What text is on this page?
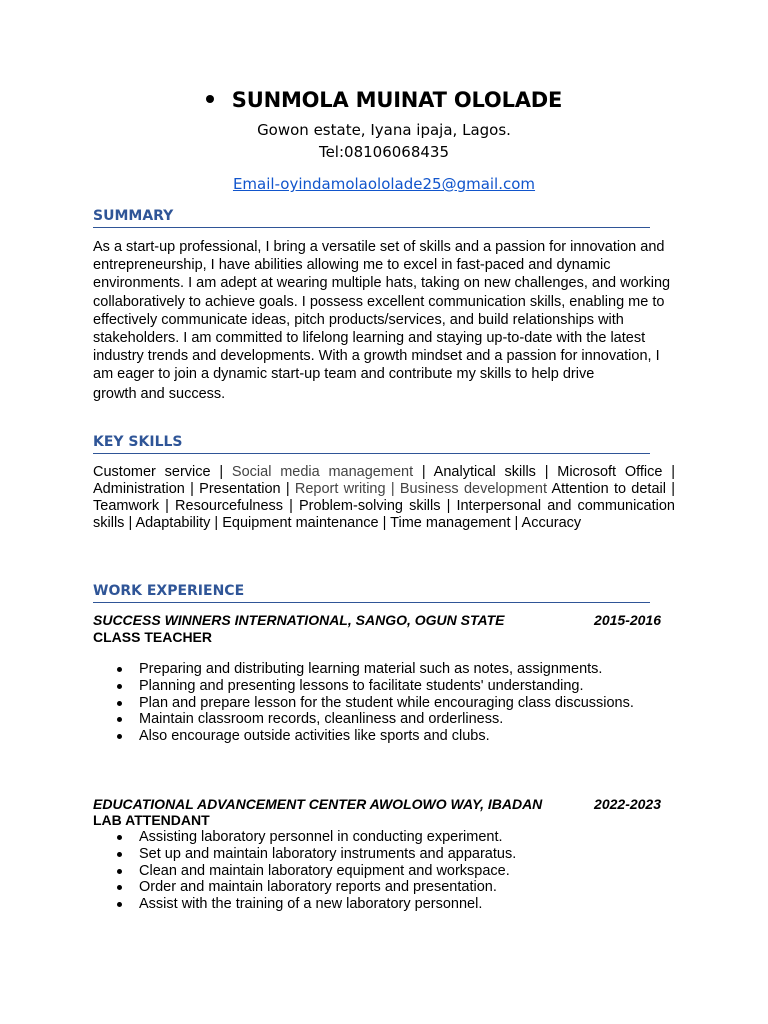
SUNMOLA MUINAT OLOLADE
Gowon estate, Iyana ipaja, Lagos.
Tel:08106068435
Email-oyindamolaololade25@gmail.com
SUMMARY
As a start-up professional, I bring a versatile set of skills and a passion for innovation and entrepreneurship, I have abilities allowing me to excel in fast-paced and dynamic environments. I am adept at wearing multiple hats, taking on new challenges, and working collaboratively to achieve goals. I possess excellent communication skills, enabling me to effectively communicate ideas, pitch products/services, and build relationships with stakeholders. I am committed to lifelong learning and staying up-to-date with the latest industry trends and developments. With a growth mindset and a passion for innovation, I am eager to join a dynamic start-up team and contribute my skills to help drive
growth and success.
KEY SKILLS
Customer service | Social media management | Analytical skills | Microsoft Office | Administration | Presentation | Report writing | Business development Attention to detail | Teamwork | Resourcefulness | Problem-solving skills | Interpersonal and communication skills | Adaptability | Equipment maintenance | Time management | Accuracy
WORK EXPERIENCE
SUCCESS WINNERS INTERNATIONAL, SANGO, OGUN STATE	2015-2016
CLASS TEACHER
Preparing and distributing learning material such as notes, assignments.
Planning and presenting lessons to facilitate students' understanding.
Plan and prepare lesson for the student while encouraging class discussions.
Maintain classroom records, cleanliness and orderliness.
Also encourage outside activities like sports and clubs.
EDUCATIONAL ADVANCEMENT CENTER AWOLOWO WAY, IBADAN	2022-2023
LAB ATTENDANT
Assisting laboratory personnel in conducting experiment.
Set up and maintain laboratory instruments and apparatus.
Clean and maintain laboratory equipment and workspace.
Order and maintain laboratory reports and presentation.
Assist with the training of a new laboratory personnel.
